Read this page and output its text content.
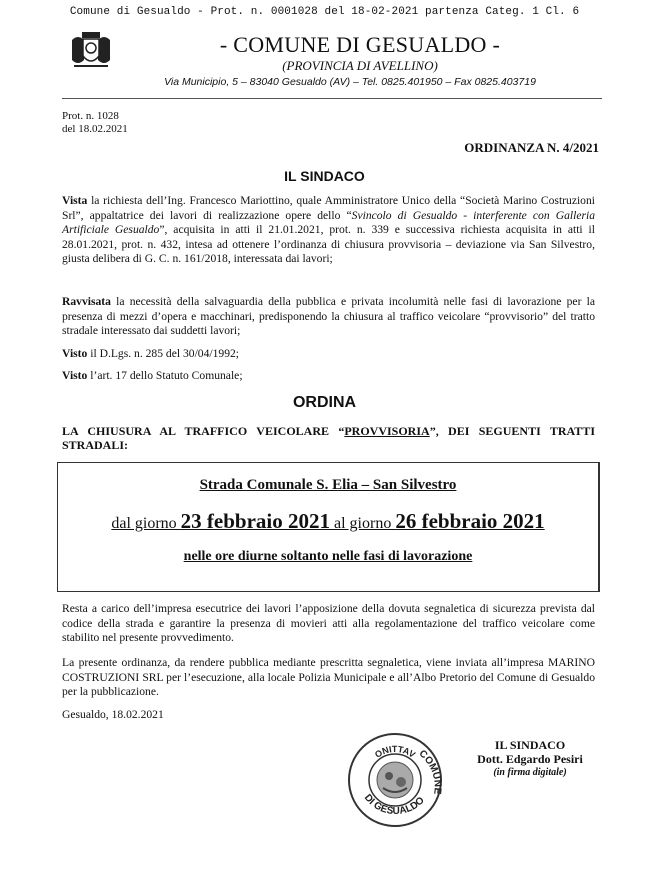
Comune di Gesualdo - Prot. n. 0001028 del 18-02-2021 partenza Categ. 1 Cl. 6
- COMUNE DI GESUALDO -
(PROVINCIA DI AVELLINO)
Via Municipio, 5 – 83040 Gesualdo (AV) – Tel. 0825.401950 – Fax 0825.403719
Prot. n. 1028
del 18.02.2021
ORDINANZA N. 4/2021
IL SINDACO
Vista la richiesta dell’Ing. Francesco Mariottino, quale Amministratore Unico della “Società Marino Costruzioni Srl”, appaltatrice dei lavori di realizzazione opere dello “Svincolo di Gesualdo - interferente con Galleria Artificiale Gesualdo”, acquisita in atti il 21.01.2021, prot. n. 339 e successiva richiesta acquisita in atti il 28.01.2021, prot. n. 432, intesa ad ottenere l’ordinanza di chiusura provvisoria – deviazione via San Silvestro, giusta delibera di G. C. n. 161/2018, interessata dai lavori;
Ravvisata la necessità della salvaguardia della pubblica e privata incolumità nelle fasi di lavorazione per la presenza di mezzi d’opera e macchinari, predisponendo la chiusura al traffico veicolare “provvisorio” del tratto stradale interessato dai suddetti lavori;
Visto il D.Lgs. n. 285 del 30/04/1992;
Visto l’art. 17 dello Statuto Comunale;
ORDINA
LA CHIUSURA AL TRAFFICO VEICOLARE “PROVVISORIA”, DEI SEGUENTI TRATTI STRADALI:
Strada Comunale S. Elia – San Silvestro
dal giorno 23 febbraio 2021 al giorno 26 febbraio 2021
nelle ore diurne soltanto nelle fasi di lavorazione
Resta a carico dell’impresa esecutrice dei lavori l’apposizione della dovuta segnaletica di sicurezza prevista dal codice della strada e garantire la presenza di movieri atti alla regolamentazione del traffico veicolare come stabilito nel presente provvedimento.
La presente ordinanza, da rendere pubblica mediante prescritta segnaletica, viene inviata all’impresa MARINO COSTRUZIONI SRL per l’esecuzione, alla locale Polizia Municipale e all’Albo Pretorio del Comune di Gesualdo per la pubblicazione.
Gesualdo, 18.02.2021
ONITTAV COMUNE
DI GESUALDO
IL SINDACO
Dott. Edgardo Pesiri
(in firma digitale)
